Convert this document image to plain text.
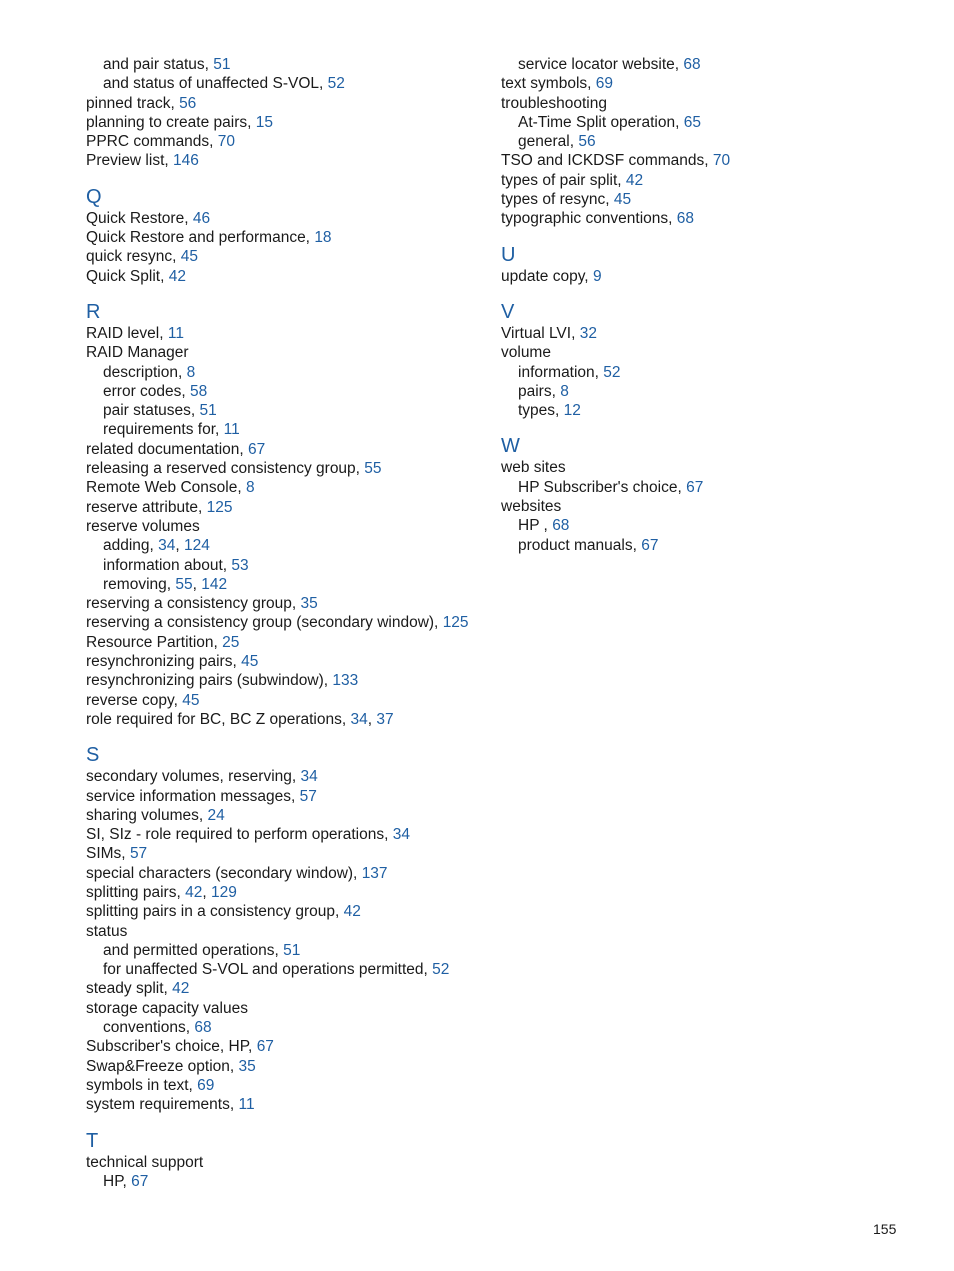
and pair status, 51
and status of unaffected S-VOL, 52
pinned track, 56
planning to create pairs, 15
PPRC commands, 70
Preview list, 146
Q
Quick Restore, 46
Quick Restore and performance, 18
quick resync, 45
Quick Split, 42
R
RAID level, 11
RAID Manager
description, 8
error codes, 58
pair statuses, 51
requirements for, 11
related documentation, 67
releasing a reserved consistency group, 55
Remote Web Console, 8
reserve attribute, 125
reserve volumes
adding, 34, 124
information about, 53
removing, 55, 142
reserving a consistency group, 35
reserving a consistency group (secondary window), 125
Resource Partition, 25
resynchronizing pairs, 45
resynchronizing pairs (subwindow), 133
reverse copy, 45
role required for BC, BC Z operations, 34, 37
S
secondary volumes, reserving, 34
service information messages, 57
sharing volumes, 24
SI, SIz - role required to perform operations, 34
SIMs, 57
special characters (secondary window), 137
splitting pairs, 42, 129
splitting pairs in a consistency group, 42
status
and permitted operations, 51
for unaffected S-VOL and operations permitted, 52
steady split, 42
storage capacity values
conventions, 68
Subscriber's choice, HP, 67
Swap&Freeze option, 35
symbols in text, 69
system requirements, 11
T
technical support
HP, 67
service locator website, 68
text symbols, 69
troubleshooting
At-Time Split operation, 65
general, 56
TSO and ICKDSF commands, 70
types of pair split, 42
types of resync, 45
typographic conventions, 68
U
update copy, 9
V
Virtual LVI, 32
volume
information, 52
pairs, 8
types, 12
W
web sites
HP Subscriber's choice, 67
websites
HP , 68
product manuals, 67
155
